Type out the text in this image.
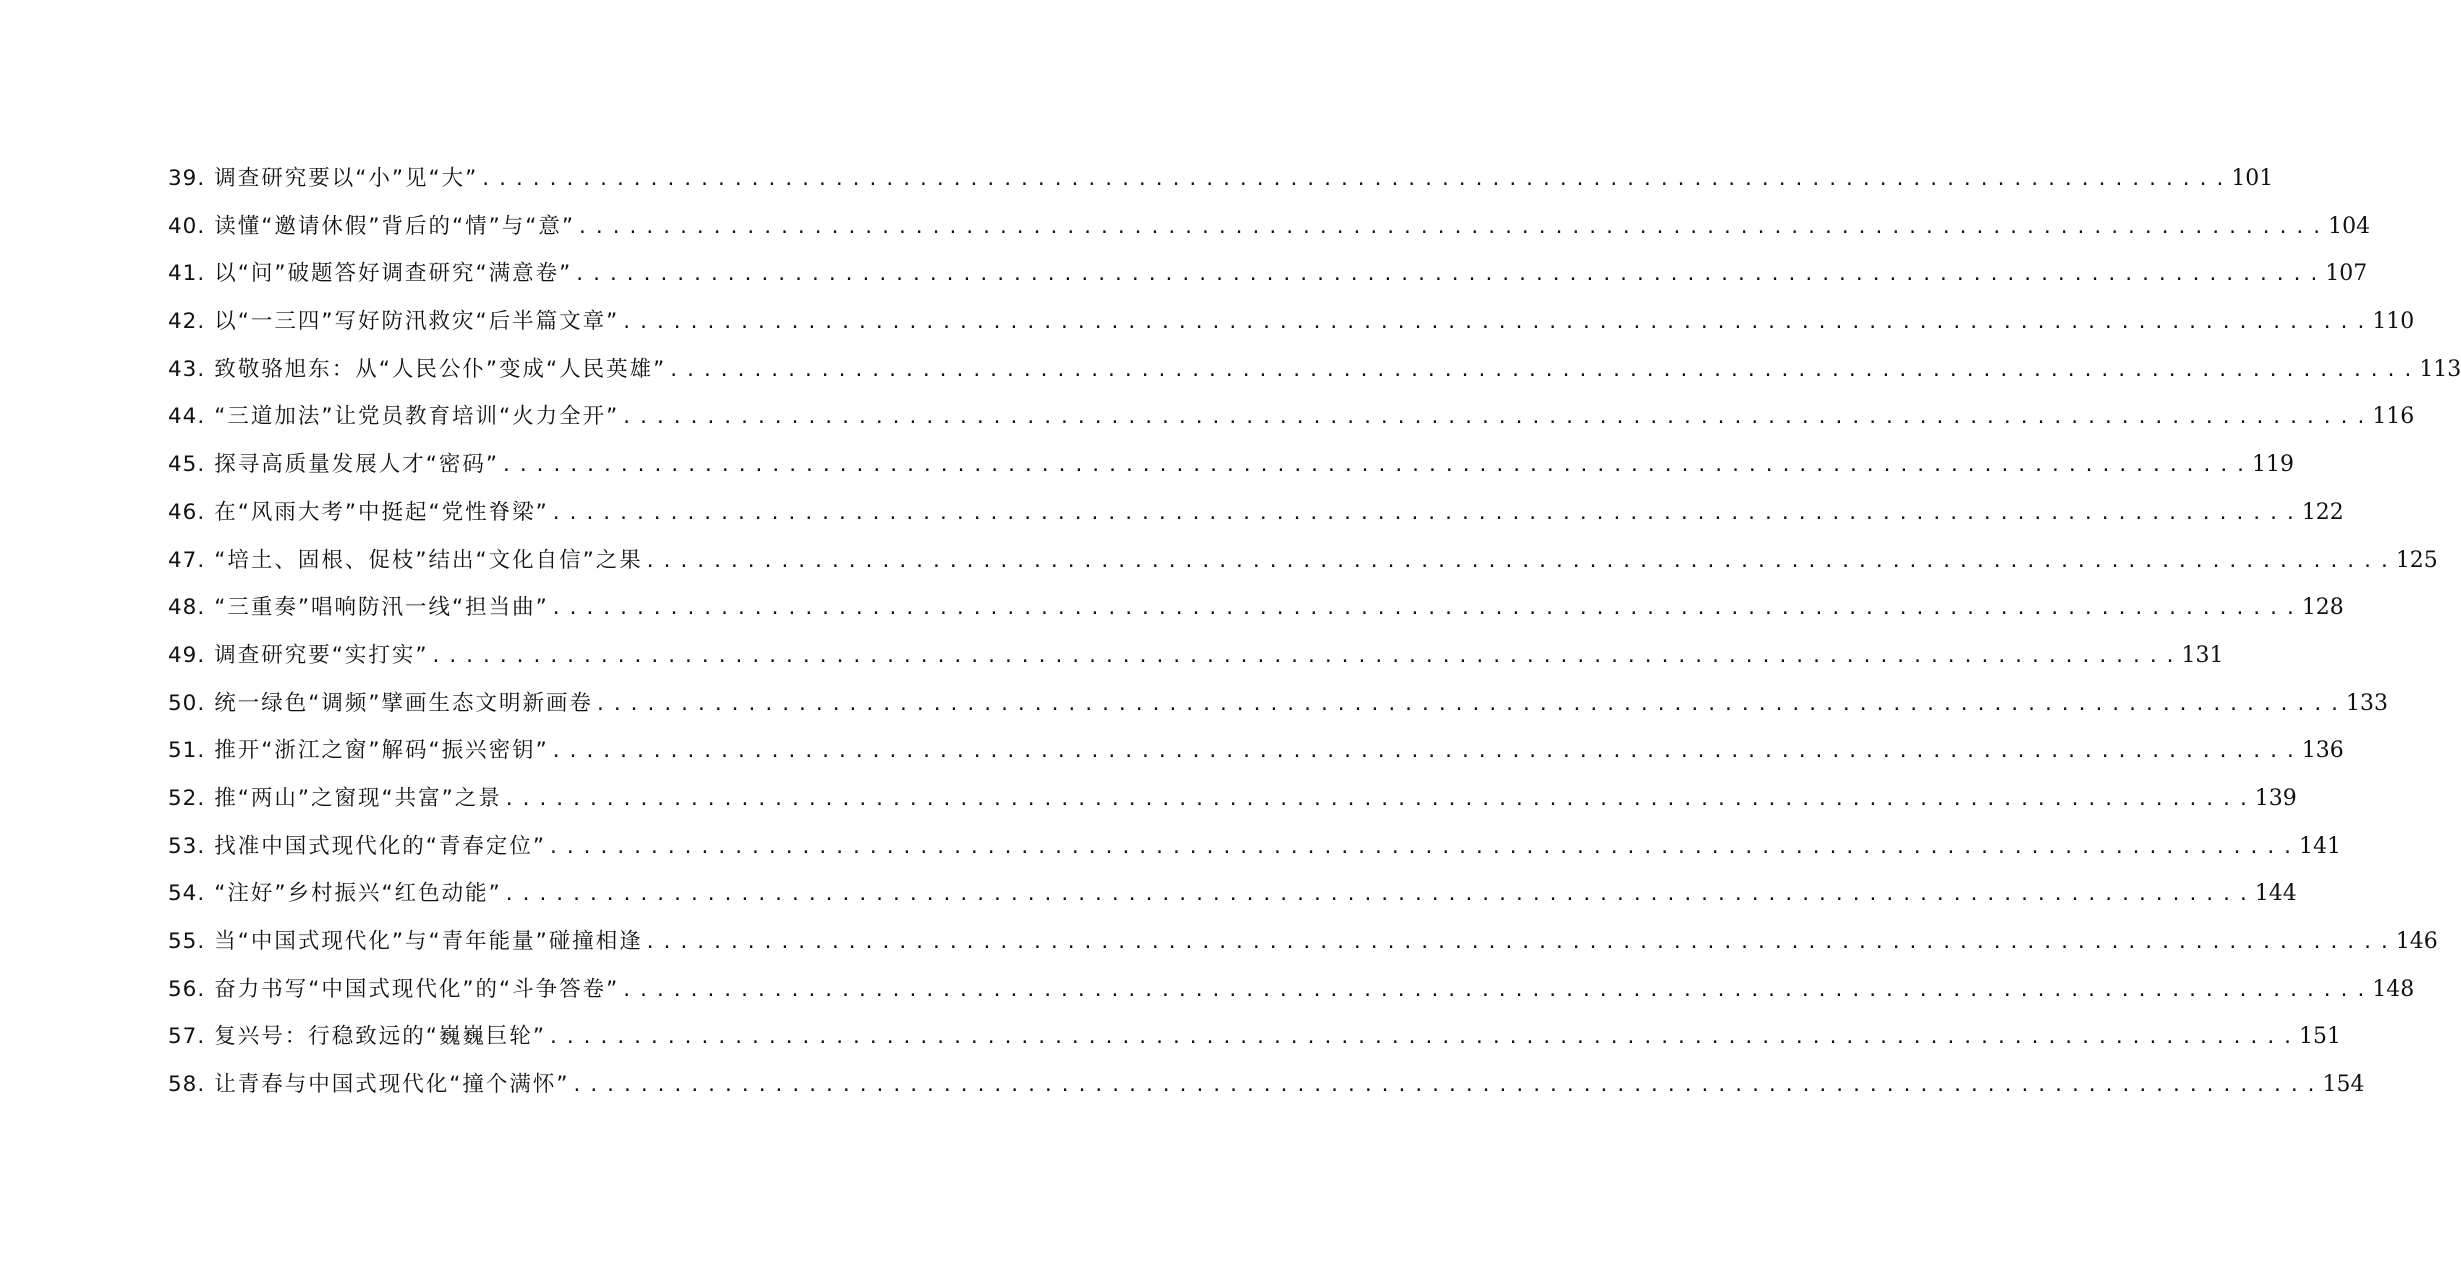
39 . 调查研究要以“小”见“大” .....	101
40 . 读懂“邀请休假”背后的“情”与“意” .....	104
41 . 以“问”破题答好调查研究“满意卷” .....	107
42 . 以“一三四”写好防汛救灾“后半篇文章” .....	110
43 . 致敬骆旭东：从“人民公仆”变成“人民英雄” .....	113
44 . “三道加法”让党员教育培训“火力全开” .....	116
45 . 探寻高质量发展人才“密码” .....	119
46 . 在“风雨大考”中挺起“党性脊梁” .....	122
47 . “培土、固根、促枝”结出“文化自信”之果 .....	125
48 . “三重奏”唱响防汛一线“担当曲” .....	128
49 . 调查研究要“实打实” .....	131
50 . 统一绿色“调频”擘画生态文明新画卷 .....	133
51 . 推开“浙江之窗”解码“振兴密钥” .....	136
52 . 推“两山”之窗现“共富”之景 .....	139
53 . 找准中国式现代化的“青春定位” .....	141
54 . “注好”乡村振兴“红色动能” .....	144
55 . 当“中国式现代化”与“青年能量”碰撞相逢 .....	146
56 . 奋力书写“中国式现代化”的“斗争答卷” .....	148
57 . 复兴号：行稳致远的“巍巍巨轮” .....	151
58 . 让青春与中国式现代化“撞个满怀” .....	154
